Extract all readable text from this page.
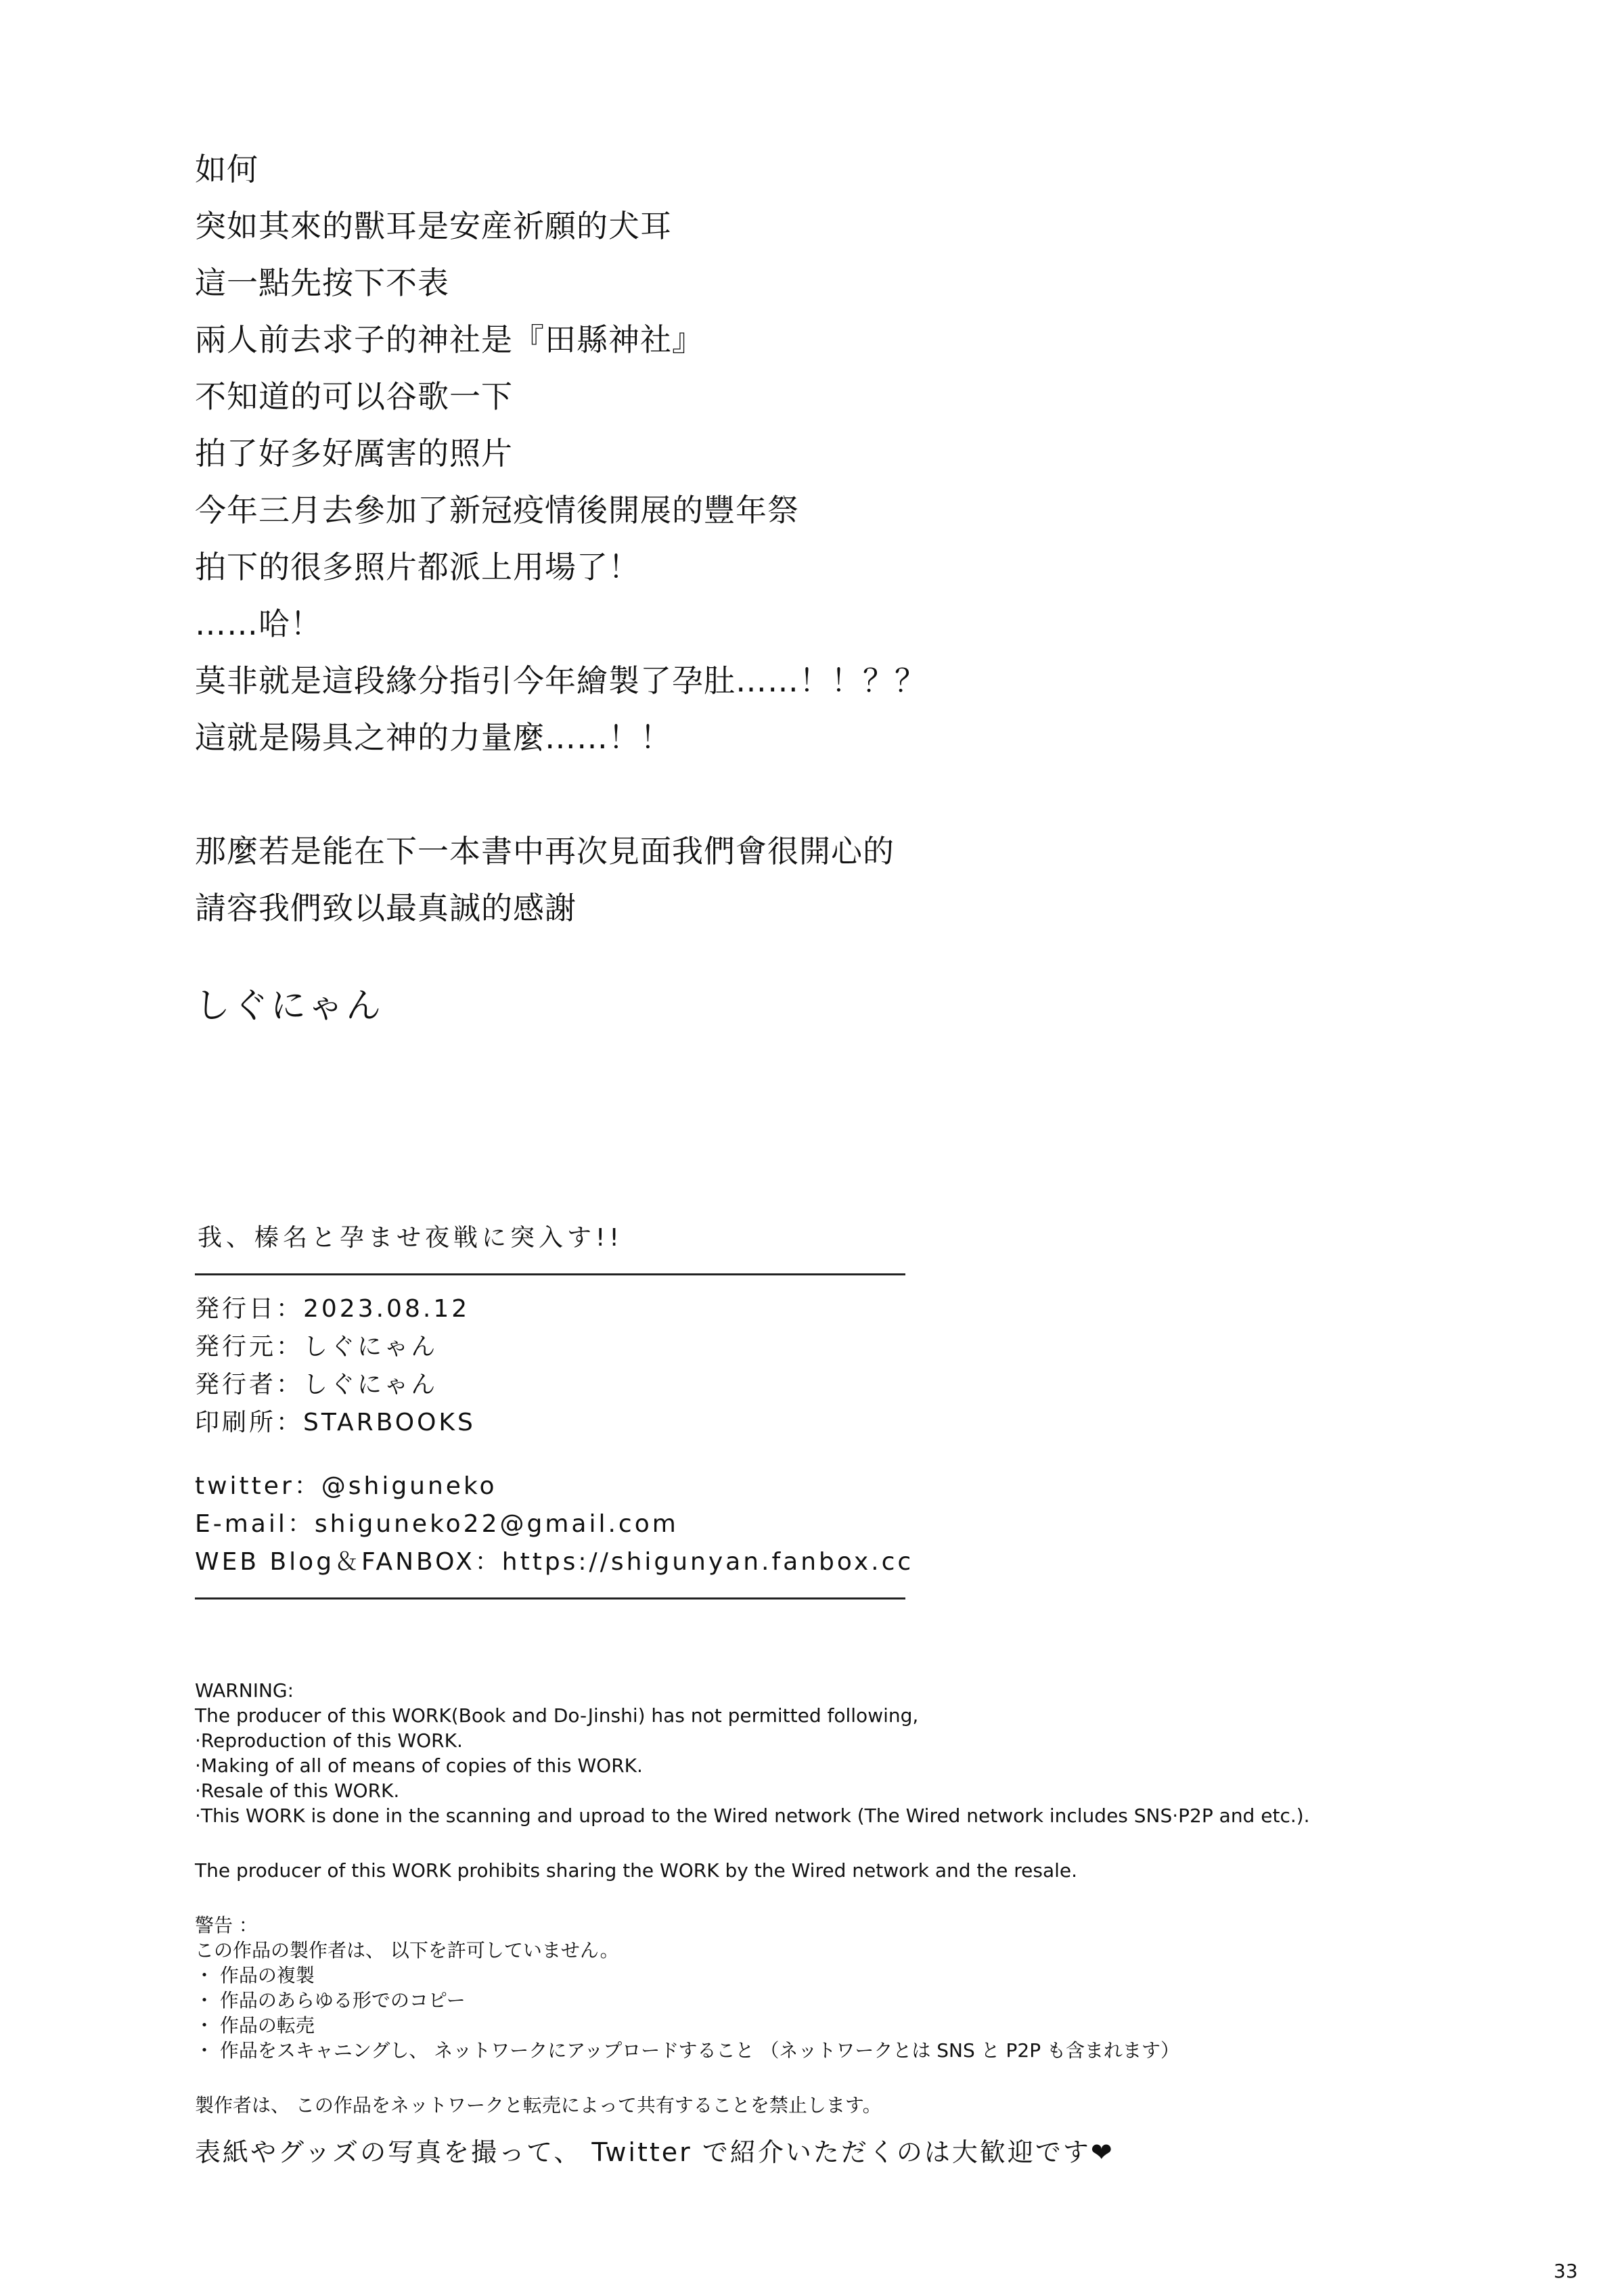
如何
突如其來的獸耳是安産祈願的犬耳
這一點先按下不表
兩人前去求子的神社是『田縣神社』
不知道的可以谷歌一下
拍了好多好厲害的照片
今年三月去參加了新冠疫情後開展的豐年祭
拍下的很多照片都派上用場了！
……哈！
莫非就是這段緣分指引今年繪製了孕肚……！！？？
這就是陽具之神的力量麼……！！
那麼若是能在下一本書中再次見面我們會很開心的
請容我們致以最真誠的感謝
しぐにゃん
我、榛名と孕ませ夜戦に突入す!!
発行日：2023.08.12
発行元：しぐにゃん
発行者：しぐにゃん
印刷所：STARBOOKS
twitter：@shiguneko
E-mail：shiguneko22@gmail.com
WEB Blog＆FANBOX：https://shigunyan.fanbox.cc
WARNING:
The producer of this WORK(Book and Do-Jinshi) has not permitted following,
·Reproduction of this WORK.
·Making of all of means of copies of this WORK.
·Resale of this WORK.
·This WORK is done in the scanning and uproad to the Wired network (The Wired network includes SNS·P2P and etc.).
The producer of this WORK prohibits sharing the WORK by the Wired network and the resale.
警告 ：
この作品の製作者は、 以下を許可していません。
・ 作品の複製
・ 作品のあらゆる形でのコピー
・ 作品の転売
・ 作品をスキャニングし、 ネットワークにアップロードすること （ネットワークとは SNS と P2P も含まれます）
製作者は、 この作品をネットワークと転売によって共有することを禁止します。
表紙やグッズの写真を撮って、 Twitter で紹介いただくのは大歓迎です❤
33
